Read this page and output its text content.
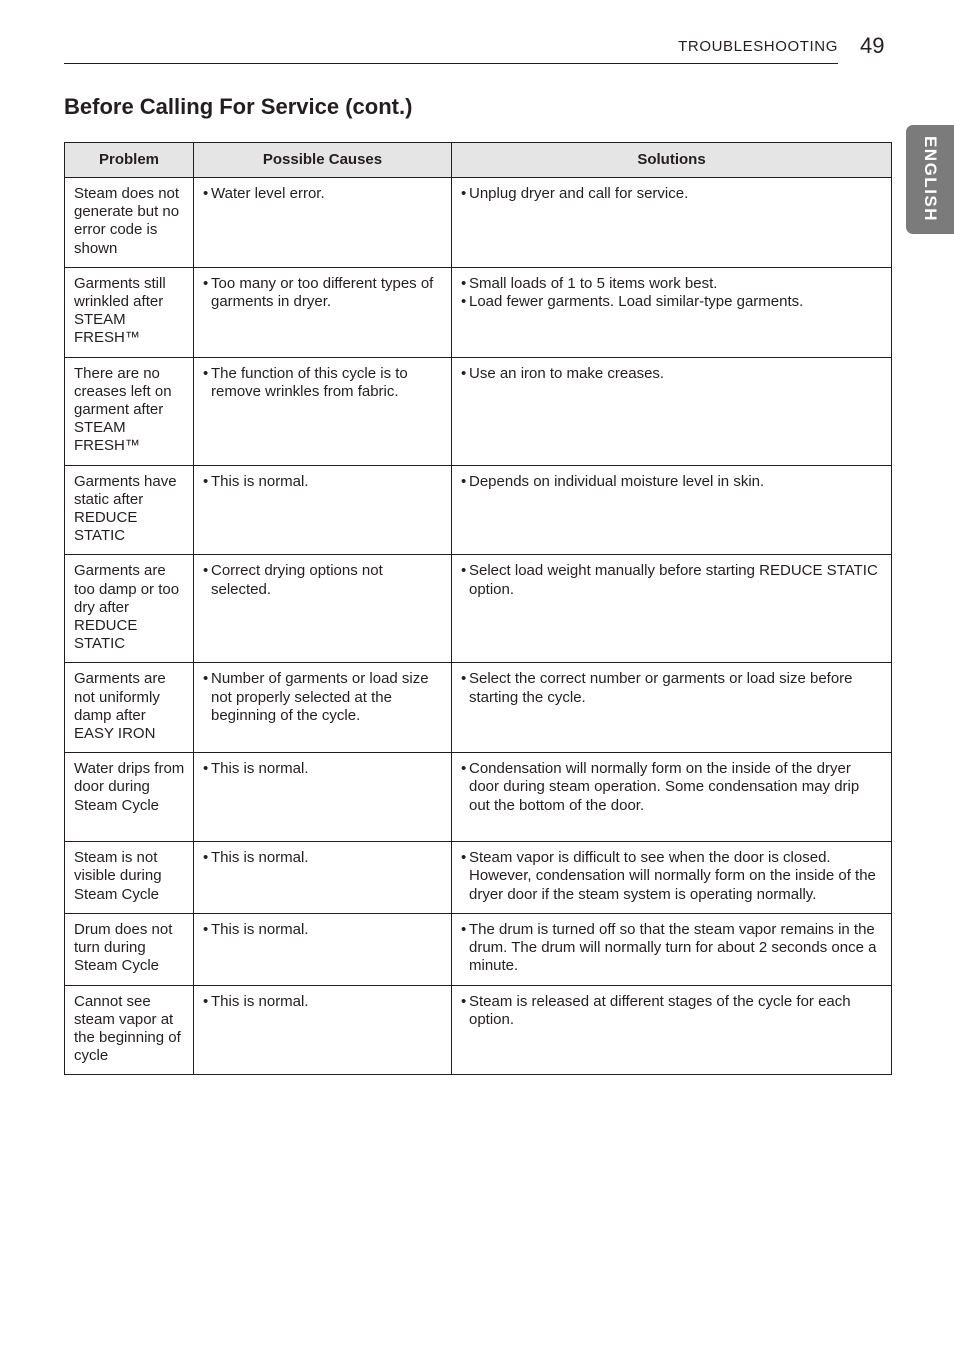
TROUBLESHOOTING 49
ENGLISH
Before Calling For Service (cont.)
Problem	Possible Causes	Solutions
Steam does not generate but no error code is shown	• Water level error.	• Unplug dryer and call for service.

Garments still wrinkled after STEAM FRESH™	• Too many or too different types of garments in dryer.	• Small loads of 1 to 5 items work best.
• Load fewer garments. Load similar-type garments.

There are no creases left on garment after STEAM FRESH™	• The function of this cycle is to remove wrinkles from fabric.	• Use an iron to make creases.

Garments have static after REDUCE STATIC	• This is normal.	• Depends on individual moisture level in skin.

Garments are too damp or too dry after REDUCE STATIC	• Correct drying options not selected.	• Select load weight manually before starting REDUCE STATIC option.

Garments are not uniformly damp after EASY IRON	• Number of garments or load size not properly selected at the beginning of the cycle.	• Select the correct number or garments or load size before starting the cycle.

Water drips from door during Steam Cycle	• This is normal.	• Condensation will normally form on the inside of the dryer door during steam operation. Some condensation may drip out the bottom of the door.

Steam is not visible during Steam Cycle	• This is normal.	• Steam vapor is difficult to see when the door is closed. However, condensation will normally form on the inside of the dryer door if the steam system is operating normally.

Drum does not turn during Steam Cycle	• This is normal.	• The drum is turned off so that the steam vapor remains in the drum. The drum will normally turn for about 2 seconds once a minute.

Cannot see steam vapor at the beginning of cycle	• This is normal.	• Steam is released at different stages of the cycle for each option.
